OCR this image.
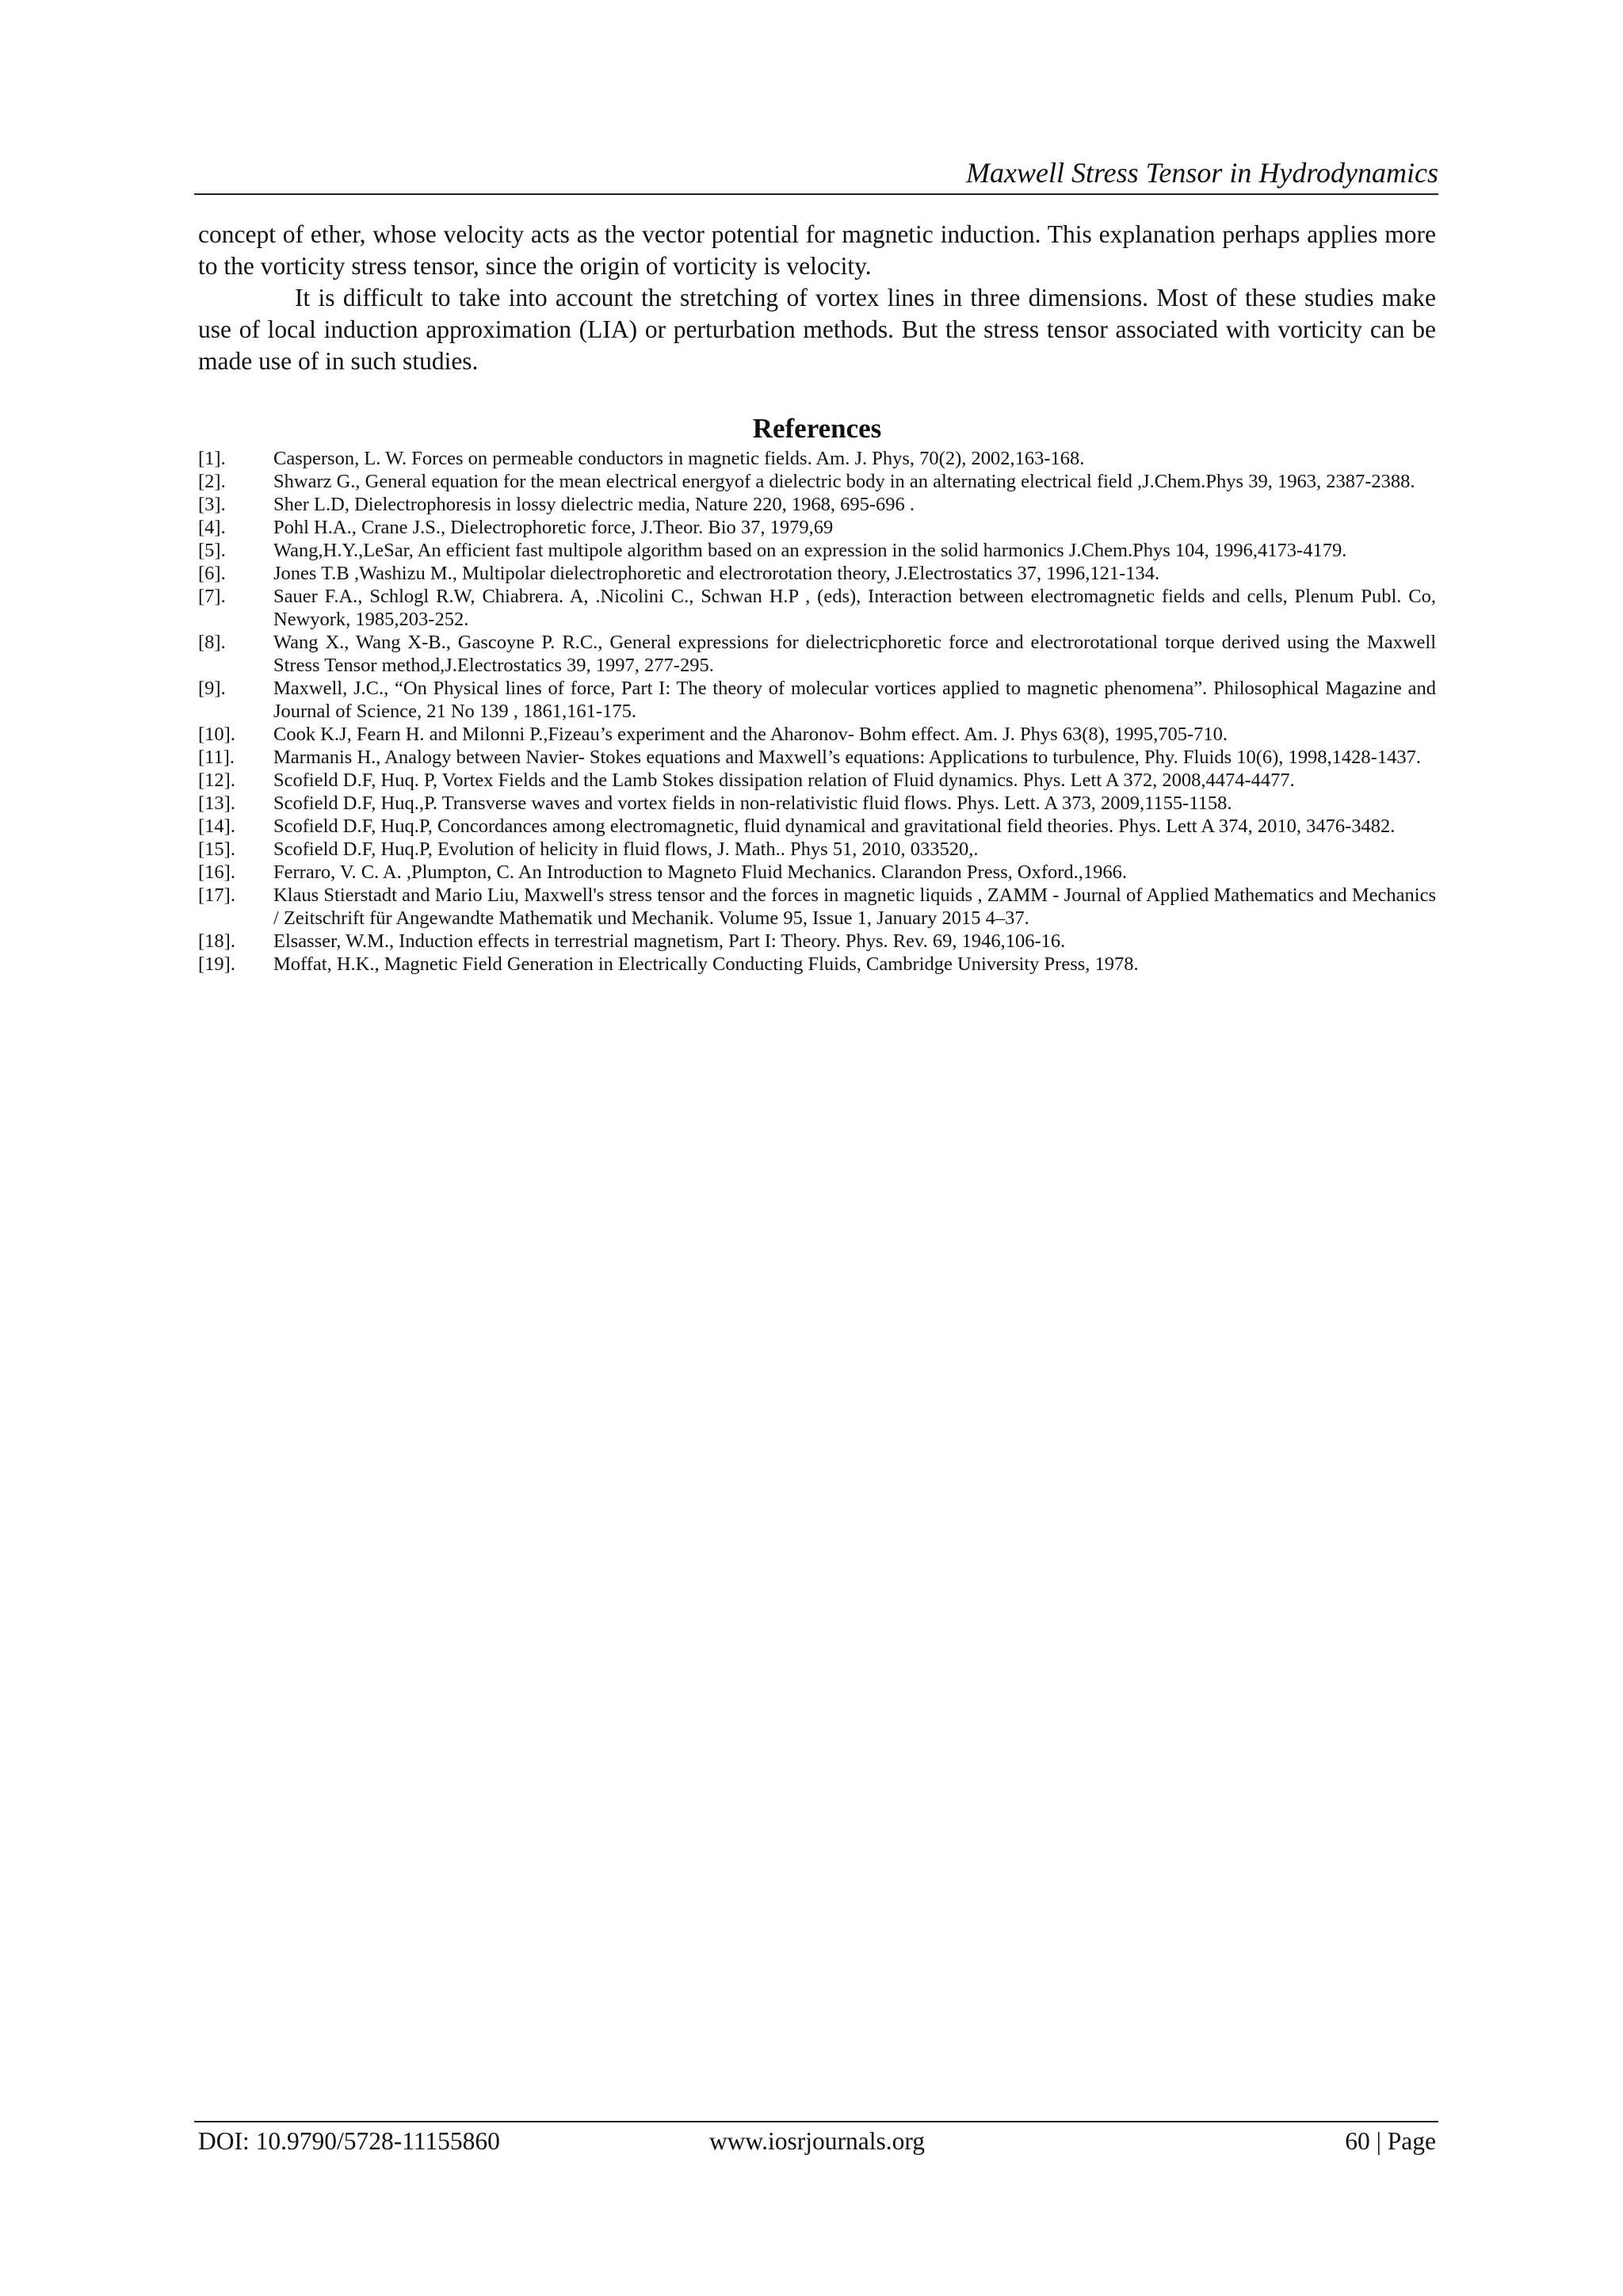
Maxwell Stress Tensor in Hydrodynamics

concept of ether, whose velocity acts as the vector potential for magnetic induction. This explanation perhaps applies more to the vorticity stress tensor, since the origin of vorticity is velocity.

It is difficult to take into account the stretching of vortex lines in three dimensions. Most of these studies make use of local induction approximation (LIA) or perturbation methods. But the stress tensor associated with vorticity can be made use of in such studies.

References
[1].	Casperson, L. W. Forces on permeable conductors in magnetic fields. Am. J. Phys, 70(2), 2002,163-168.
[2].	Shwarz G., General equation for the mean electrical energyof a dielectric body in an alternating electrical field ,J.Chem.Phys 39, 1963, 2387-2388.
[3].	Sher L.D, Dielectrophoresis in lossy dielectric media, Nature 220, 1968, 695-696 .
[4].	Pohl H.A., Crane J.S., Dielectrophoretic force, J.Theor. Bio 37, 1979,69
[5].	Wang,H.Y.,LeSar, An efficient fast multipole algorithm based on an expression in the solid harmonics J.Chem.Phys 104, 1996,4173-4179.
[6].	Jones T.B ,Washizu M., Multipolar dielectrophoretic and electrorotation theory, J.Electrostatics 37, 1996,121-134.
[7].	Sauer F.A., Schlogl R.W, Chiabrera. A, .Nicolini C., Schwan H.P , (eds), Interaction between electromagnetic fields and cells, Plenum Publ. Co, Newyork, 1985,203-252.
[8].	Wang X., Wang X-B., Gascoyne P. R.C., General expressions for dielectricphoretic force and electrorotational torque derived using the Maxwell Stress Tensor method,J.Electrostatics 39, 1997, 277-295.
[9].	Maxwell, J.C., “On Physical lines of force, Part I: The theory of molecular vortices applied to magnetic phenomena”. Philosophical Magazine and Journal of Science, 21 No 139 , 1861,161-175.
[10].	Cook K.J, Fearn H. and Milonni P.,Fizeau’s experiment and the Aharonov- Bohm effect. Am. J. Phys 63(8), 1995,705-710.
[11].	Marmanis H., Analogy between Navier- Stokes equations and Maxwell’s equations: Applications to turbulence, Phy. Fluids 10(6), 1998,1428-1437.
[12].	Scofield D.F, Huq. P, Vortex Fields and the Lamb Stokes dissipation relation of Fluid dynamics. Phys. Lett A 372, 2008,4474-4477.
[13].	Scofield D.F, Huq.,P. Transverse waves and vortex fields in non-relativistic fluid flows. Phys. Lett. A 373, 2009,1155-1158.
[14].	Scofield D.F, Huq.P, Concordances among electromagnetic, fluid dynamical and gravitational field theories. Phys. Lett A 374, 2010, 3476-3482.
[15].	Scofield D.F, Huq.P, Evolution of helicity in fluid flows, J. Math.. Phys 51, 2010, 033520,.
[16].	Ferraro, V. C. A. ,Plumpton, C. An Introduction to Magneto Fluid Mechanics. Clarandon Press, Oxford.,1966.
[17].	Klaus Stierstadt and Mario Liu, Maxwell's stress tensor and the forces in magnetic liquids , ZAMM - Journal of Applied Mathematics and Mechanics / Zeitschrift für Angewandte Mathematik und Mechanik. Volume 95, Issue 1, January 2015 4–37.
[18].	Elsasser, W.M., Induction effects in terrestrial magnetism, Part I: Theory. Phys. Rev. 69, 1946,106-16.
[19].	Moffat, H.K., Magnetic Field Generation in Electrically Conducting Fluids, Cambridge University Press, 1978.
DOI: 10.9790/5728-11155860	www.iosrjournals.org	60 | Page
